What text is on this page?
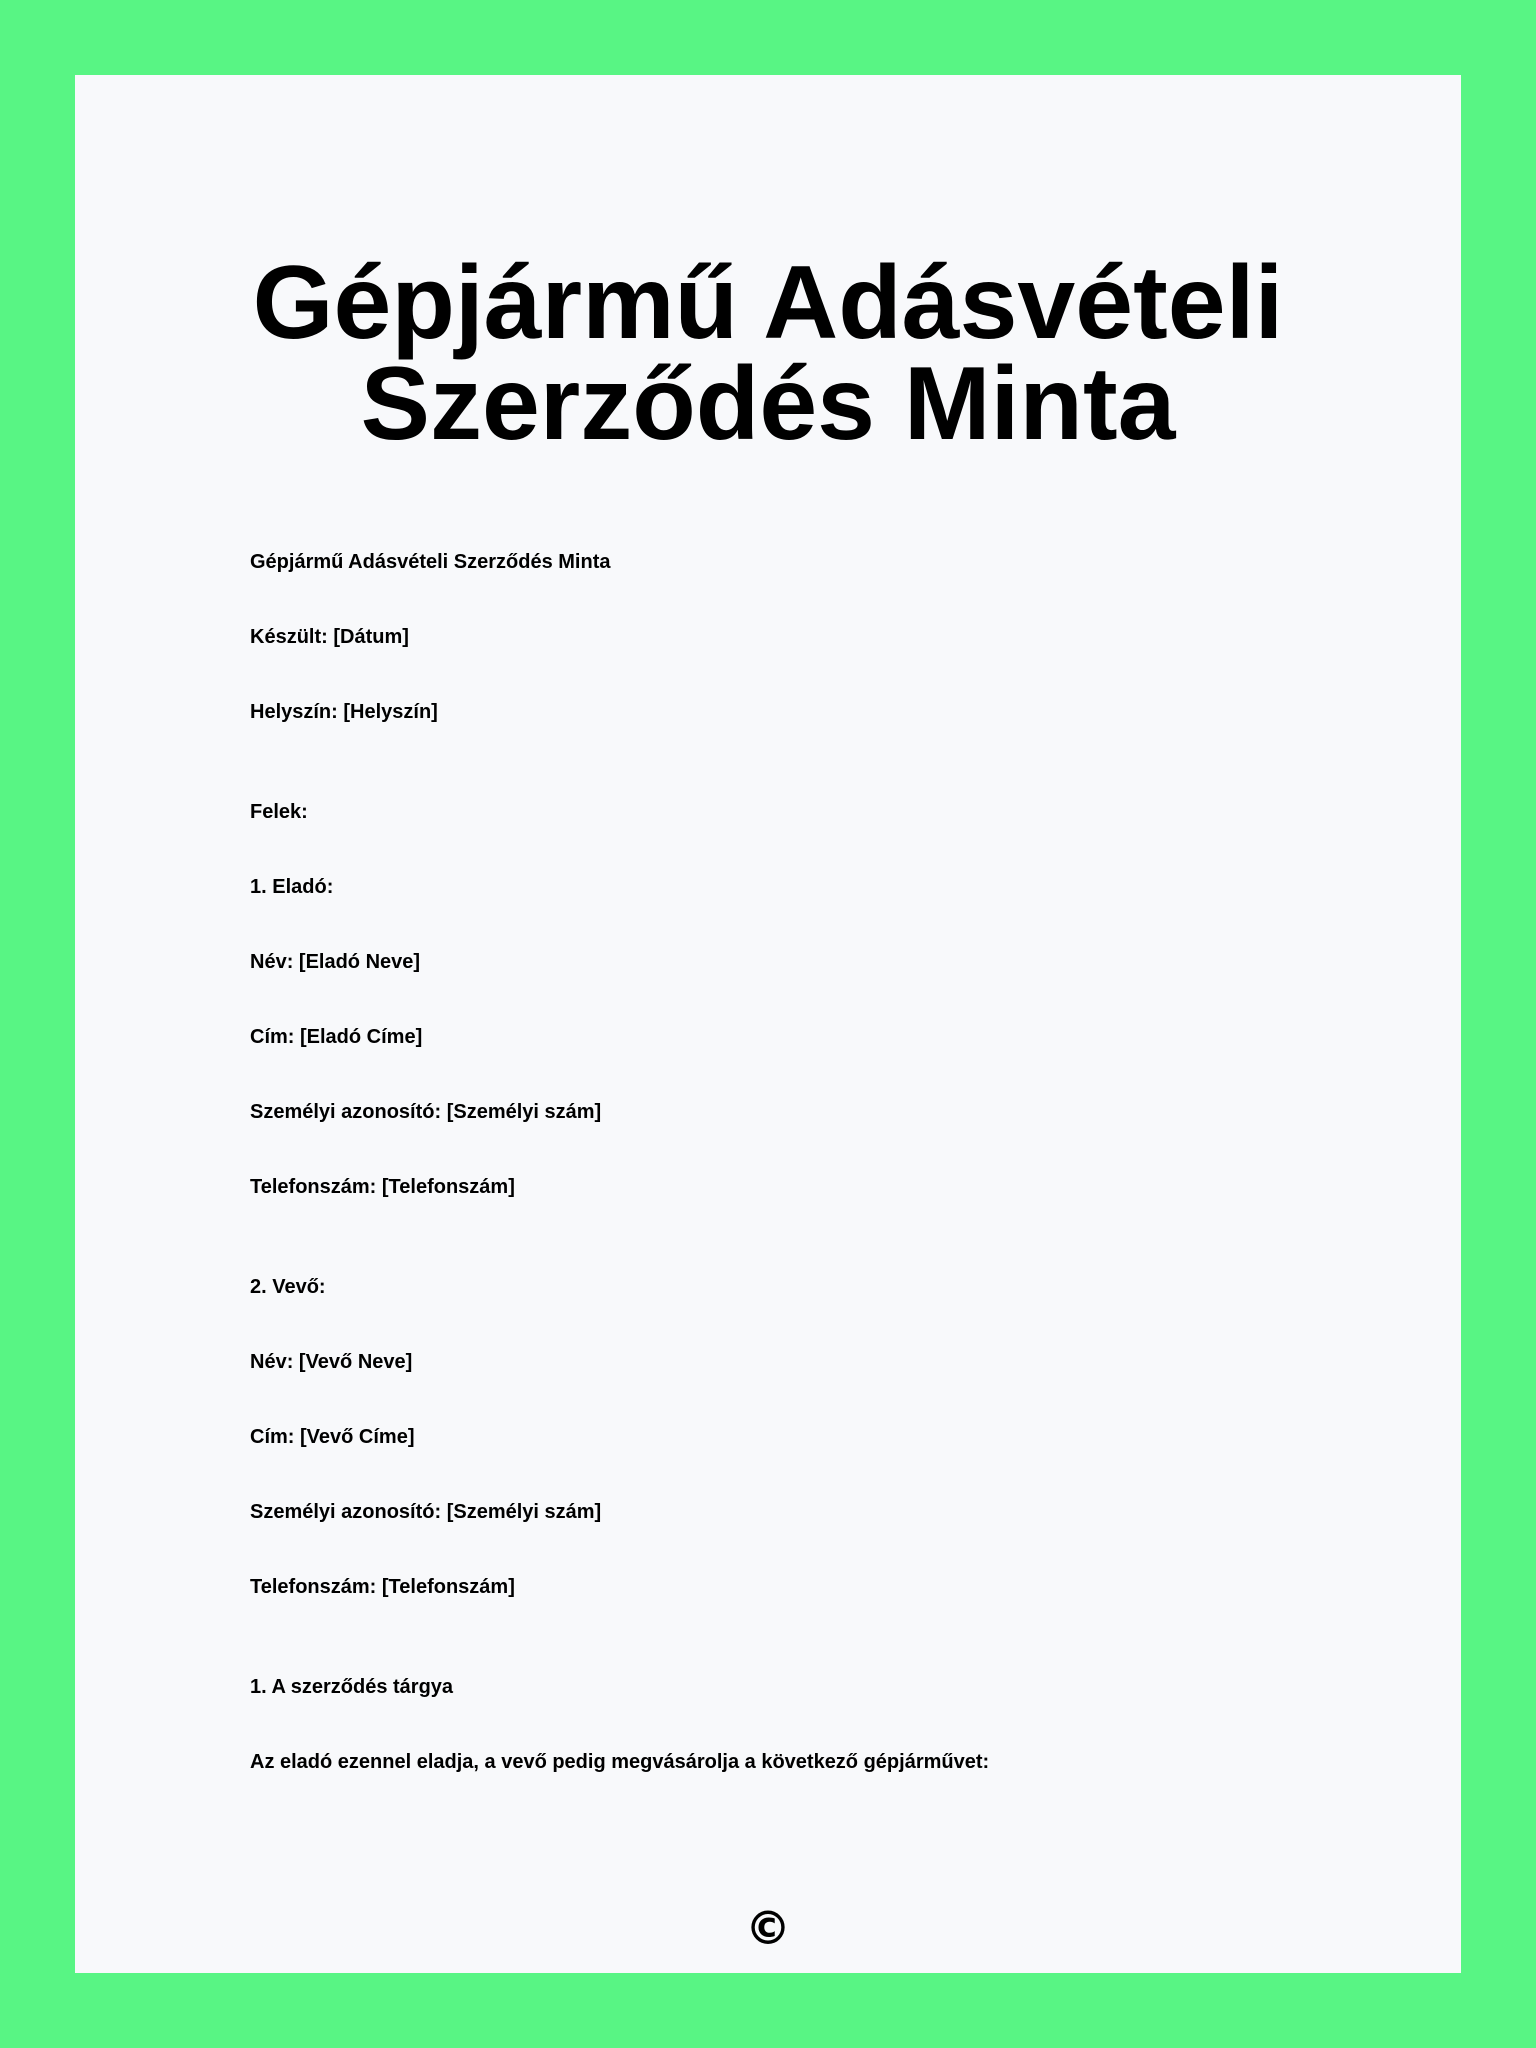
Gépjármű Adásvételi Szerződés Minta
Gépjármű Adásvételi Szerződés Minta
Készült: [Dátum]
Helyszín: [Helyszín]
Felek:
1. Eladó:
Név: [Eladó Neve]
Cím: [Eladó Címe]
Személyi azonosító: [Személyi szám]
Telefonszám: [Telefonszám]
2. Vevő:
Név: [Vevő Neve]
Cím: [Vevő Címe]
Személyi azonosító: [Személyi szám]
Telefonszám: [Telefonszám]
1. A szerződés tárgya
Az eladó ezennel eladja, a vevő pedig megvásárolja a következő gépjárművet:
©
